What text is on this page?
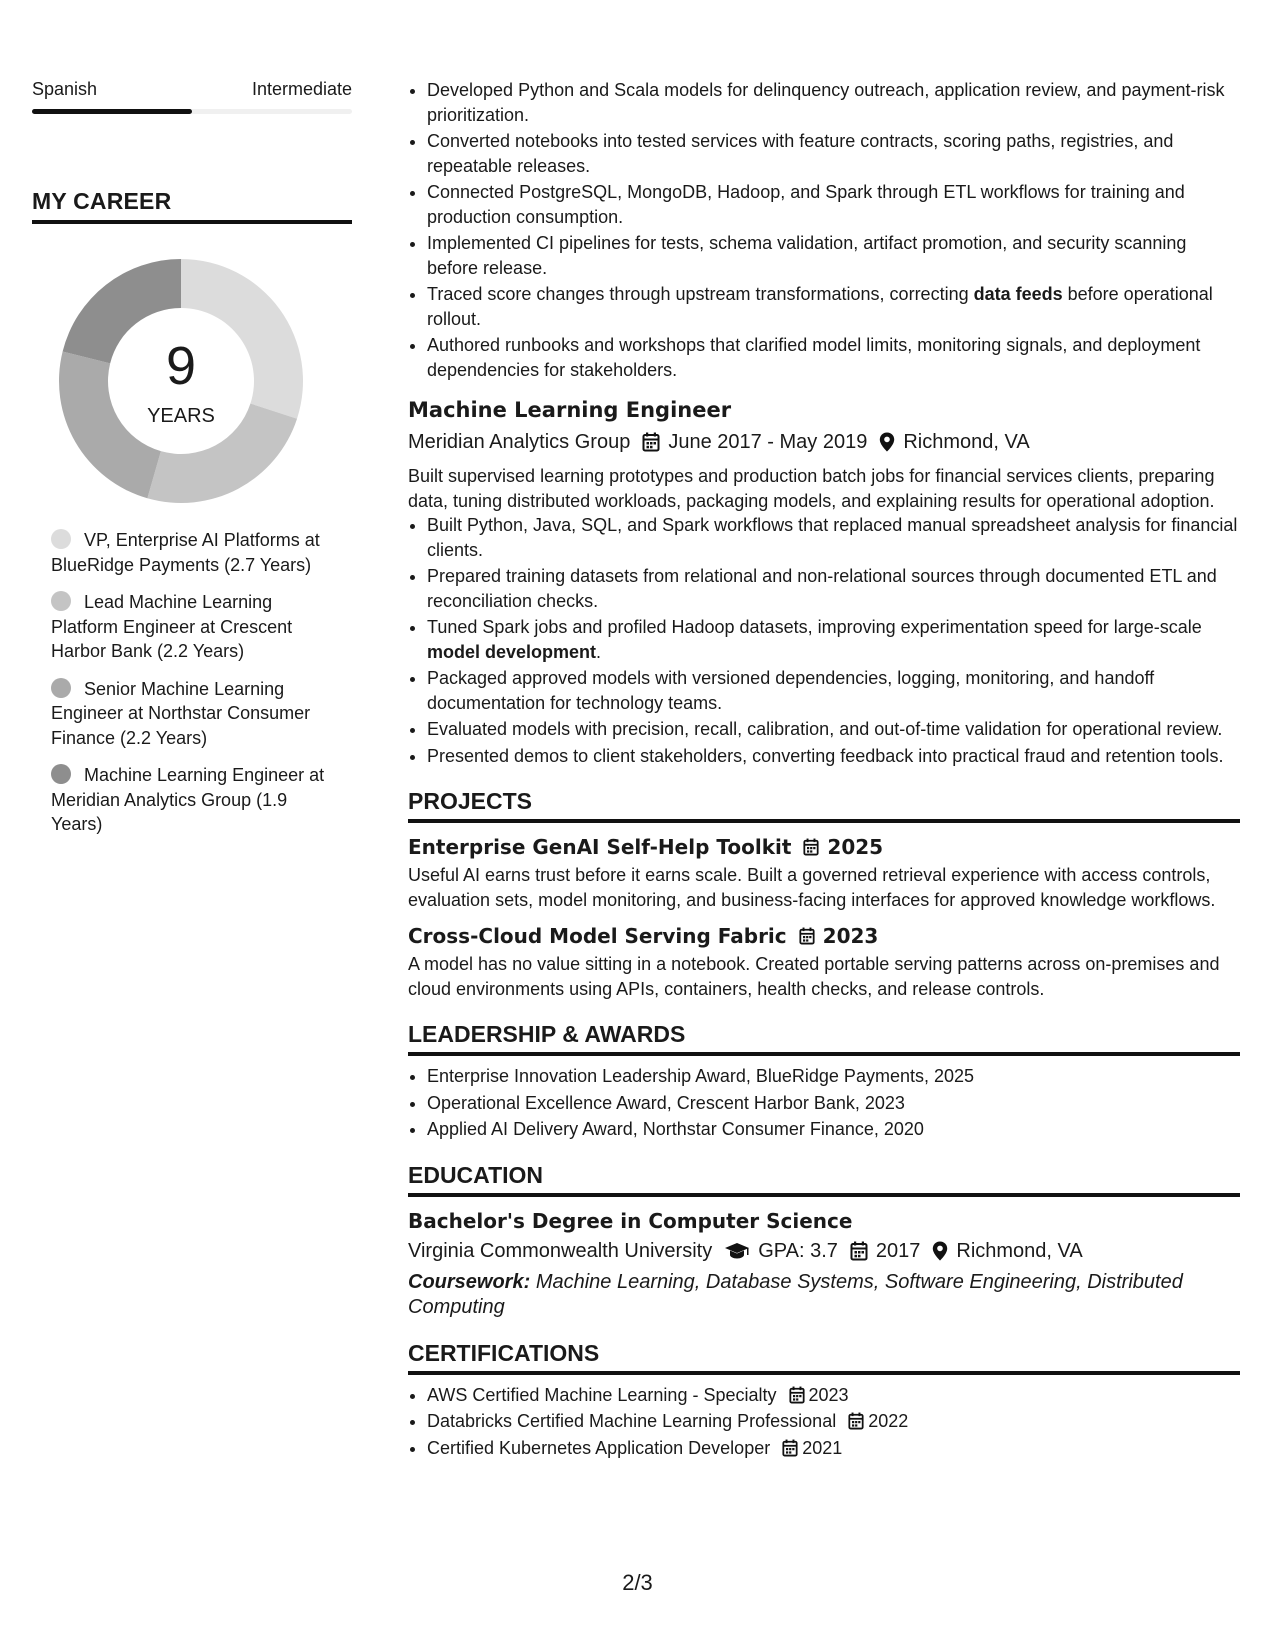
Spanish	Intermediate
MY CAREER
9
YEARS
VP, Enterprise AI Platforms at BlueRidge Payments (2.7 Years)
Lead Machine Learning Platform Engineer at Crescent Harbor Bank (2.2 Years)
Senior Machine Learning Engineer at Northstar Consumer Finance (2.2 Years)
Machine Learning Engineer at Meridian Analytics Group (1.9 Years)
• Developed Python and Scala models for delinquency outreach, application review, and payment-risk prioritization.
• Converted notebooks into tested services with feature contracts, scoring paths, registries, and repeatable releases.
• Connected PostgreSQL, MongoDB, Hadoop, and Spark through ETL workflows for training and production consumption.
• Implemented CI pipelines for tests, schema validation, artifact promotion, and security scanning before release.
• Traced score changes through upstream transformations, correcting data feeds before operational rollout.
• Authored runbooks and workshops that clarified model limits, monitoring signals, and deployment dependencies for stakeholders.
Machine Learning Engineer
Meridian Analytics Group June 2017 - May 2019 Richmond, VA
Built supervised learning prototypes and production batch jobs for financial services clients, preparing data, tuning distributed workloads, packaging models, and explaining results for operational adoption.
• Built Python, Java, SQL, and Spark workflows that replaced manual spreadsheet analysis for financial clients.
• Prepared training datasets from relational and non-relational sources through documented ETL and reconciliation checks.
• Tuned Spark jobs and profiled Hadoop datasets, improving experimentation speed for large-scale model development.
• Packaged approved models with versioned dependencies, logging, monitoring, and handoff documentation for technology teams.
• Evaluated models with precision, recall, calibration, and out-of-time validation for operational review.
• Presented demos to client stakeholders, converting feedback into practical fraud and retention tools.
PROJECTS
Enterprise GenAI Self-Help Toolkit 2025
Useful AI earns trust before it earns scale. Built a governed retrieval experience with access controls, evaluation sets, model monitoring, and business-facing interfaces for approved knowledge workflows.
Cross-Cloud Model Serving Fabric 2023
A model has no value sitting in a notebook. Created portable serving patterns across on-premises and cloud environments using APIs, containers, health checks, and release controls.
LEADERSHIP & AWARDS
• Enterprise Innovation Leadership Award, BlueRidge Payments, 2025
• Operational Excellence Award, Crescent Harbor Bank, 2023
• Applied AI Delivery Award, Northstar Consumer Finance, 2020
EDUCATION
Bachelor's Degree in Computer Science
Virginia Commonwealth University GPA: 3.7 2017 Richmond, VA
Coursework: Machine Learning, Database Systems, Software Engineering, Distributed Computing
CERTIFICATIONS
• AWS Certified Machine Learning - Specialty 2023
• Databricks Certified Machine Learning Professional 2022
• Certified Kubernetes Application Developer 2021
2/3
